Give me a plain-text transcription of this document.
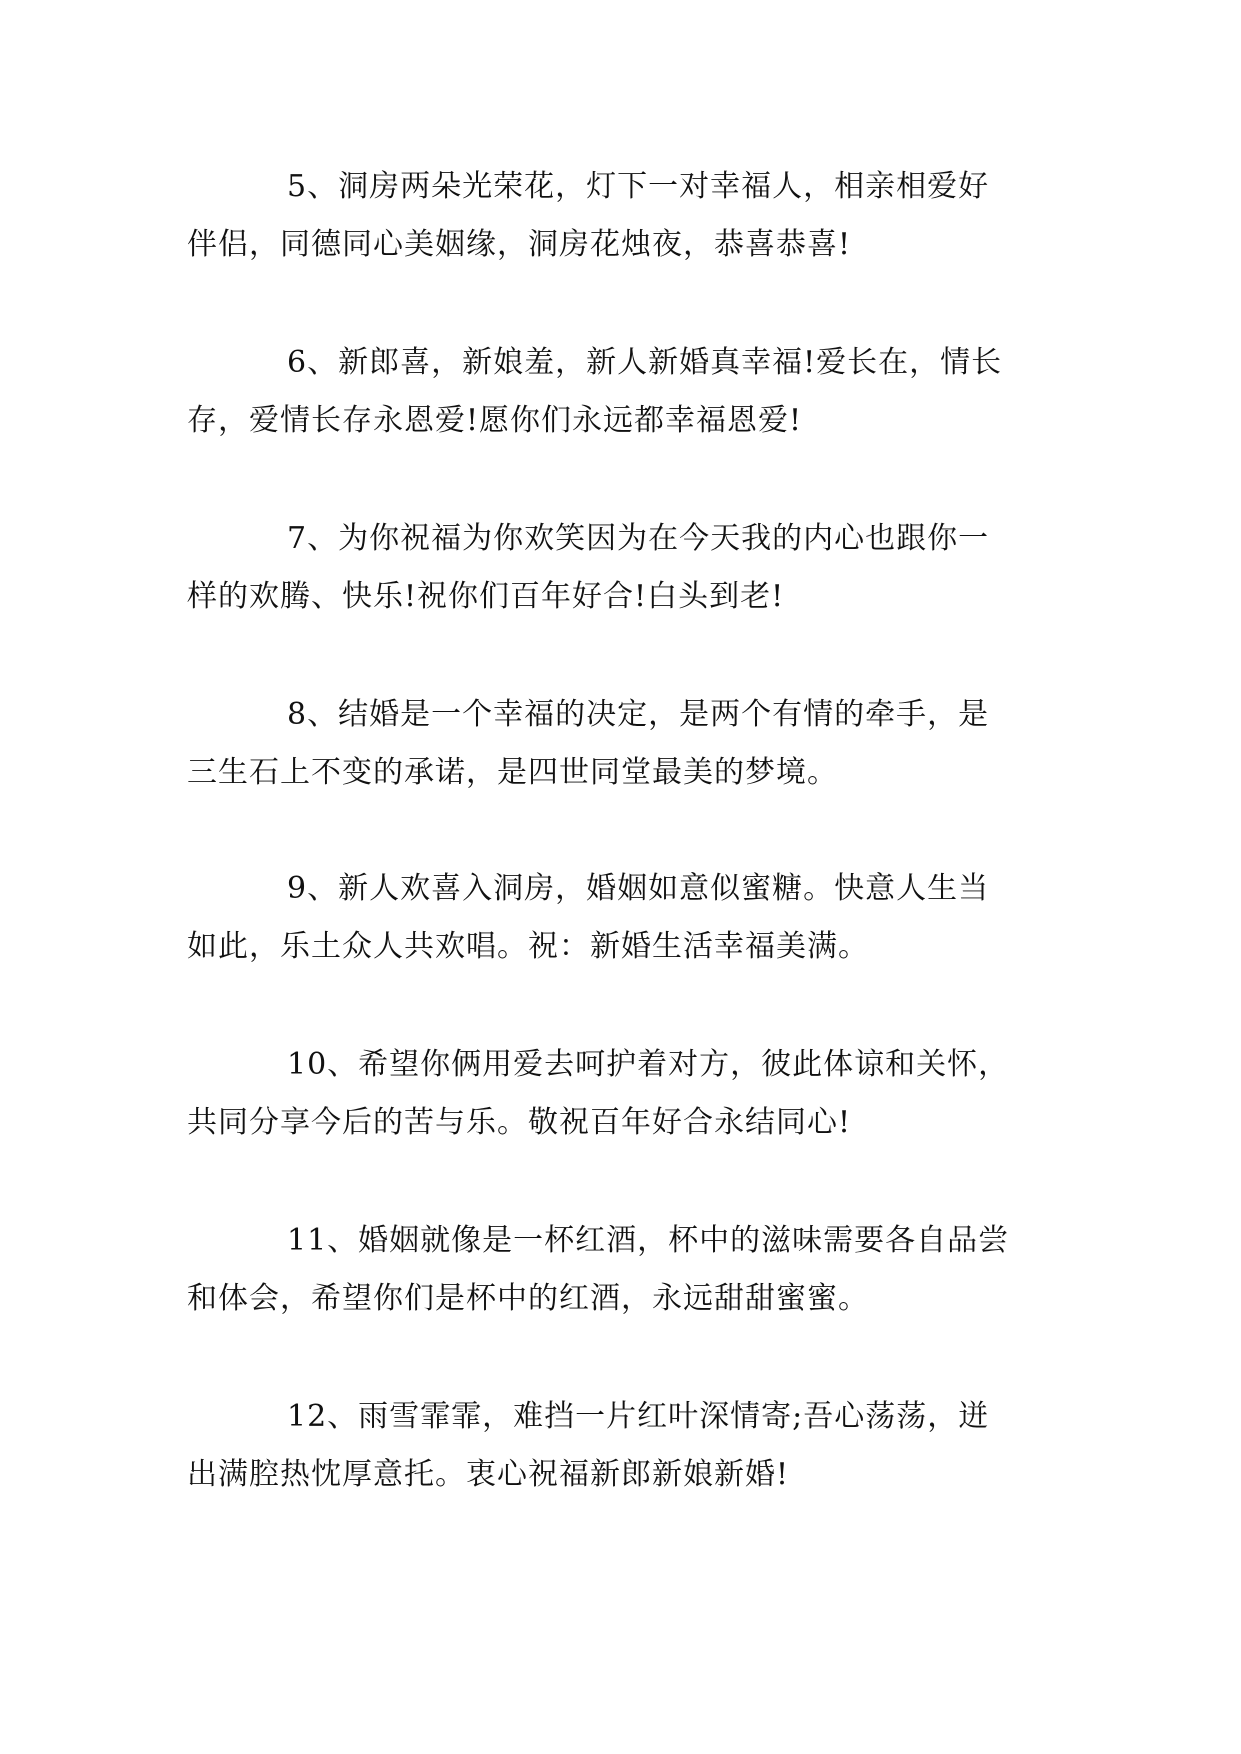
5、洞房两朵光荣花，灯下一对幸福人，相亲相爱好
伴侣，同德同心美姻缘，洞房花烛夜，恭喜恭喜!
6、新郎喜，新娘羞，新人新婚真幸福!爱长在，情长
存，爱情长存永恩爱!愿你们永远都幸福恩爱!
7、为你祝福为你欢笑因为在今天我的内心也跟你一
样的欢腾、快乐!祝你们百年好合!白头到老!
8、结婚是一个幸福的决定，是两个有情的牵手，是
三生石上不变的承诺，是四世同堂最美的梦境。
9、新人欢喜入洞房，婚姻如意似蜜糖。快意人生当
如此，乐土众人共欢唱。祝：新婚生活幸福美满。
10、希望你俩用爱去呵护着对方，彼此体谅和关怀，
共同分享今后的苦与乐。敬祝百年好合永结同心!
11、婚姻就像是一杯红酒，杯中的滋味需要各自品尝
和体会，希望你们是杯中的红酒，永远甜甜蜜蜜。
12、雨雪霏霏，难挡一片红叶深情寄;吾心荡荡，迸
出满腔热忱厚意托。衷心祝福新郎新娘新婚!
